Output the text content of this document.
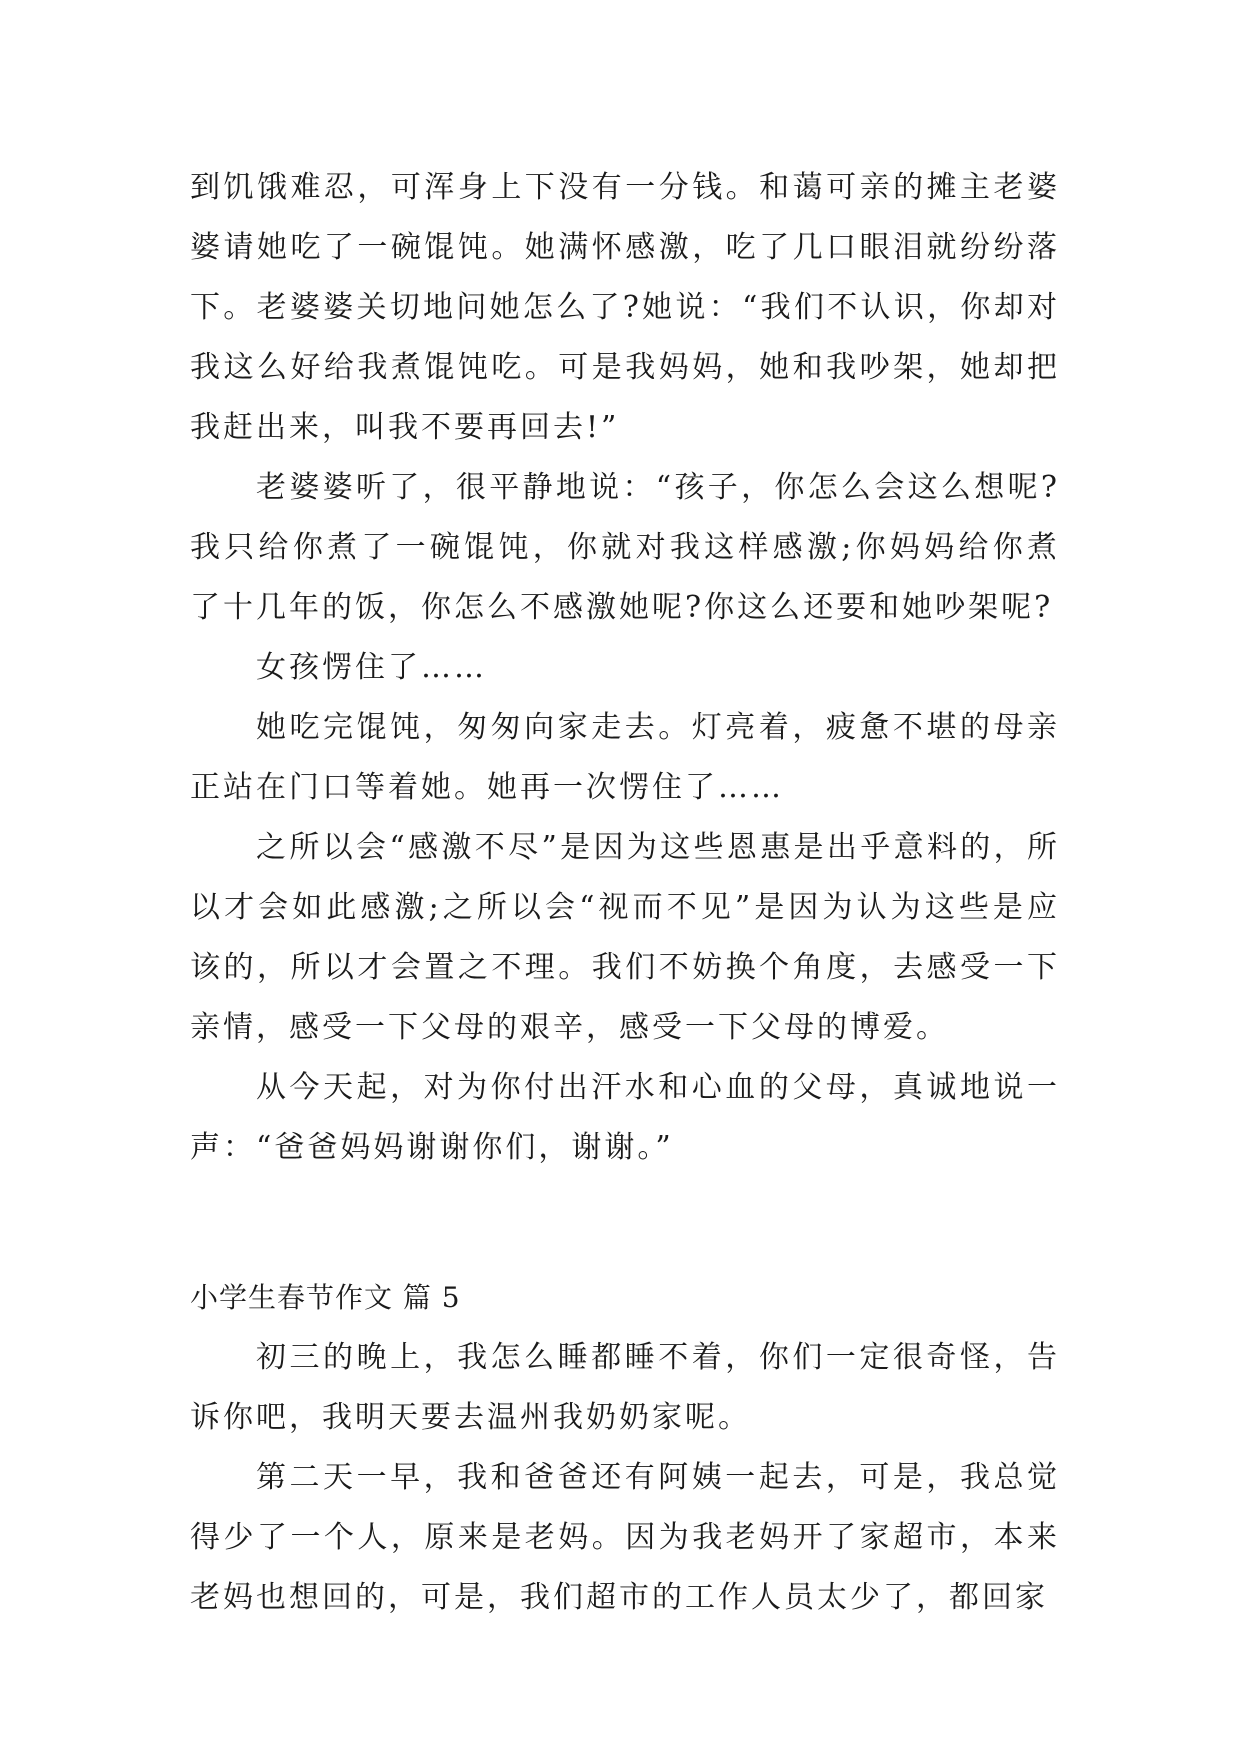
到饥饿难忍，可浑身上下没有一分钱。和蔼可亲的摊主老婆婆请她吃了一碗馄饨。她满怀感激，吃了几口眼泪就纷纷落下。老婆婆关切地问她怎么了?她说：“我们不认识，你却对我这么好给我煮馄饨吃。可是我妈妈，她和我吵架，她却把我赶出来，叫我不要再回去!”

老婆婆听了，很平静地说：“孩子，你怎么会这么想呢?我只给你煮了一碗馄饨，你就对我这样感激;你妈妈给你煮了十几年的饭，你怎么不感激她呢?你这么还要和她吵架呢?

女孩愣住了……

她吃完馄饨，匆匆向家走去。灯亮着，疲惫不堪的母亲正站在门口等着她。她再一次愣住了……

之所以会“感激不尽”是因为这些恩惠是出乎意料的，所以才会如此感激;之所以会“视而不见”是因为认为这些是应该的，所以才会置之不理。我们不妨换个角度，去感受一下亲情，感受一下父母的艰辛，感受一下父母的博爱。

从今天起，对为你付出汗水和心血的父母，真诚地说一声：“爸爸妈妈谢谢你们，谢谢。”

小学生春节作文 篇 5

初三的晚上，我怎么睡都睡不着，你们一定很奇怪，告诉你吧，我明天要去温州我奶奶家呢。

第二天一早，我和爸爸还有阿姨一起去，可是，我总觉得少了一个人，原来是老妈。因为我老妈开了家超市，本来老妈也想回的，可是，我们超市的工作人员太少了，都回家
